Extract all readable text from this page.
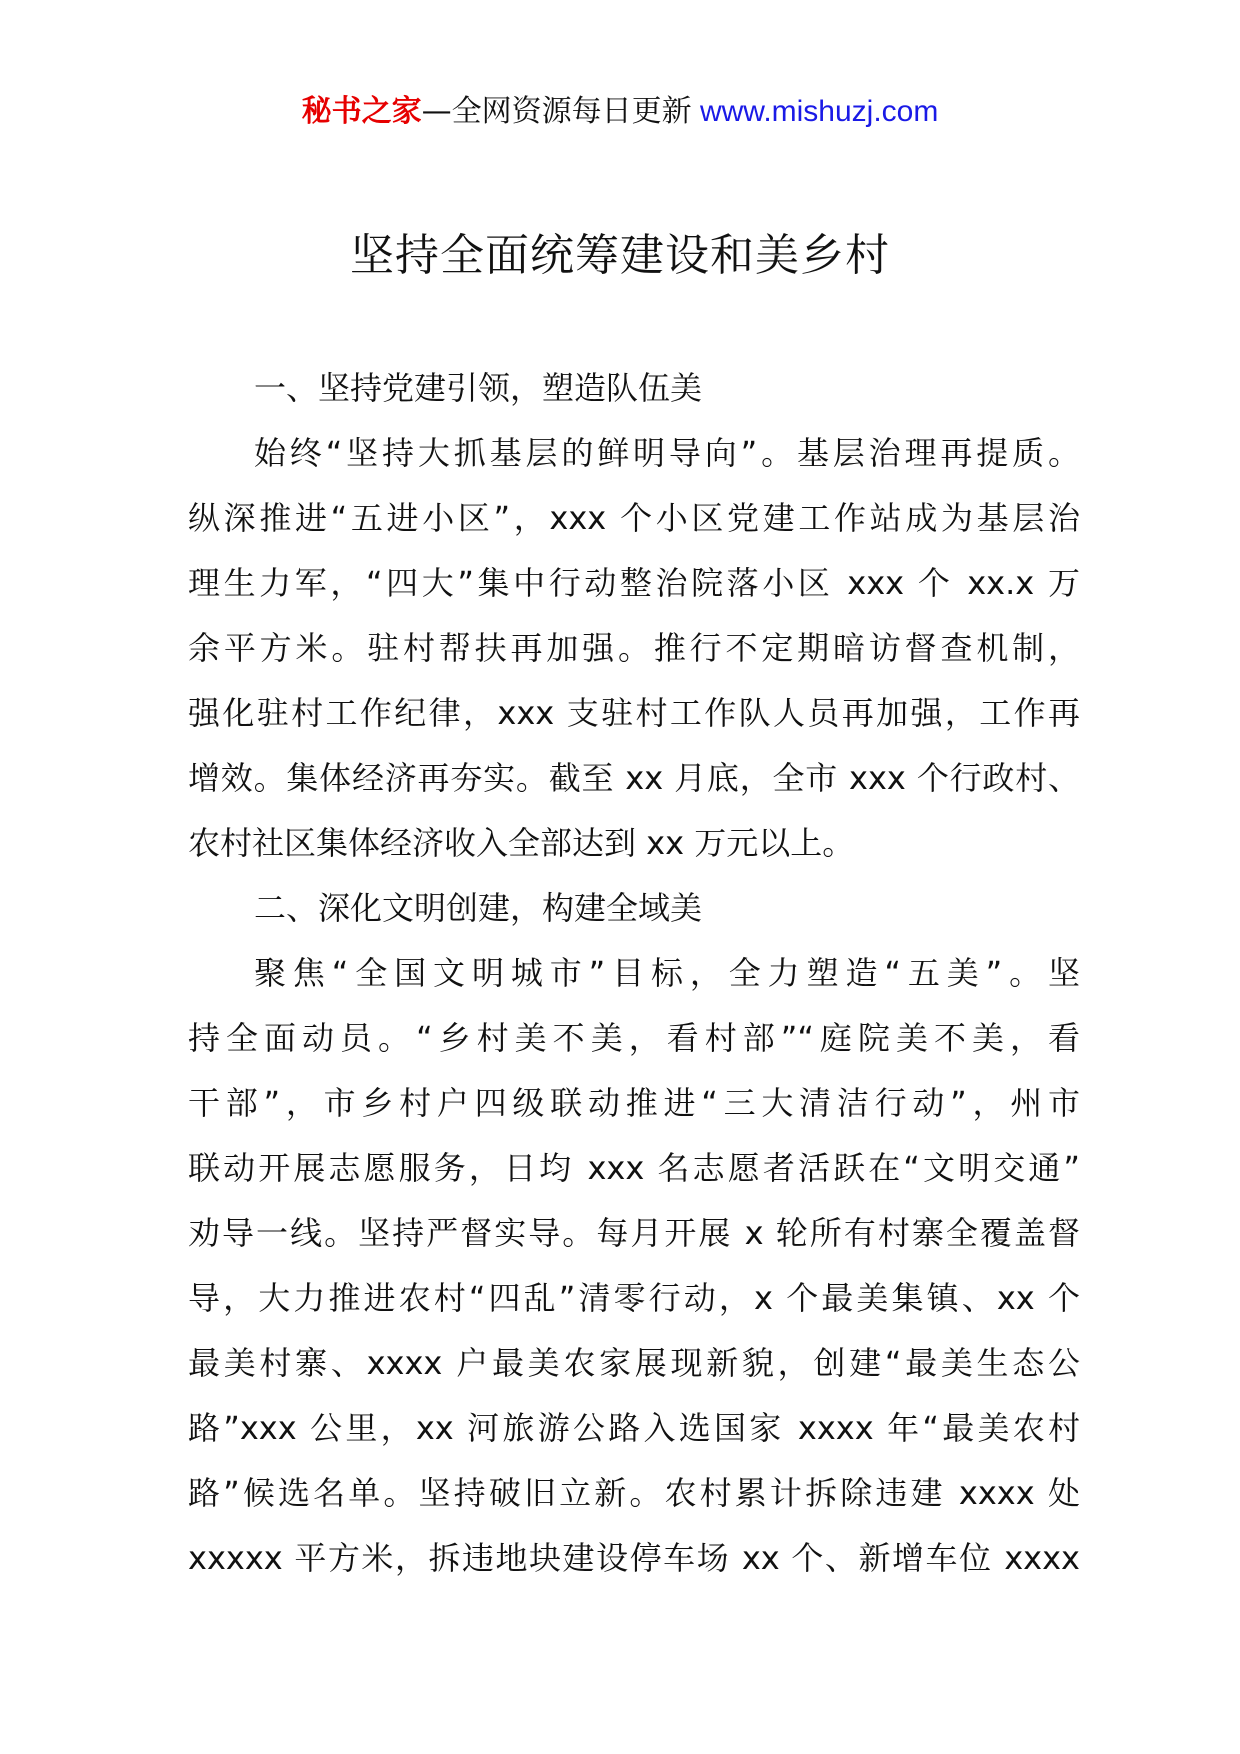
秘书之家—全网资源每日更新 www.mishuzj.com
坚持全面统筹建设和美乡村
一、坚持党建引领，塑造队伍美
始终“坚持大抓基层的鲜明导向”。基层治理再提质。
纵深推进“五进小区”，xxx 个小区党建工作站成为基层治
理生力军，“四大”集中行动整治院落小区 xxx 个 xx.x 万
余平方米。驻村帮扶再加强。推行不定期暗访督查机制，
强化驻村工作纪律，xxx 支驻村工作队人员再加强，工作再
增效。集体经济再夯实。截至 xx 月底，全市 xxx 个行政村、
农村社区集体经济收入全部达到 xx 万元以上。
二、深化文明创建，构建全域美
聚焦“全国文明城市”目标，全力塑造“五美”。坚
持全面动员。“乡村美不美，看村部”“庭院美不美，看
干部”，市乡村户四级联动推进“三大清洁行动”，州市
联动开展志愿服务，日均 xxx 名志愿者活跃在“文明交通”
劝导一线。坚持严督实导。每月开展 x 轮所有村寨全覆盖督
导，大力推进农村“四乱”清零行动，x 个最美集镇、xx 个
最美村寨、xxxx 户最美农家展现新貌，创建“最美生态公
路”xxx 公里，xx 河旅游公路入选国家 xxxx 年“最美农村
路”候选名单。坚持破旧立新。农村累计拆除违建 xxxx 处
xxxxx 平方米，拆违地块建设停车场 xx 个、新增车位 xxxx
